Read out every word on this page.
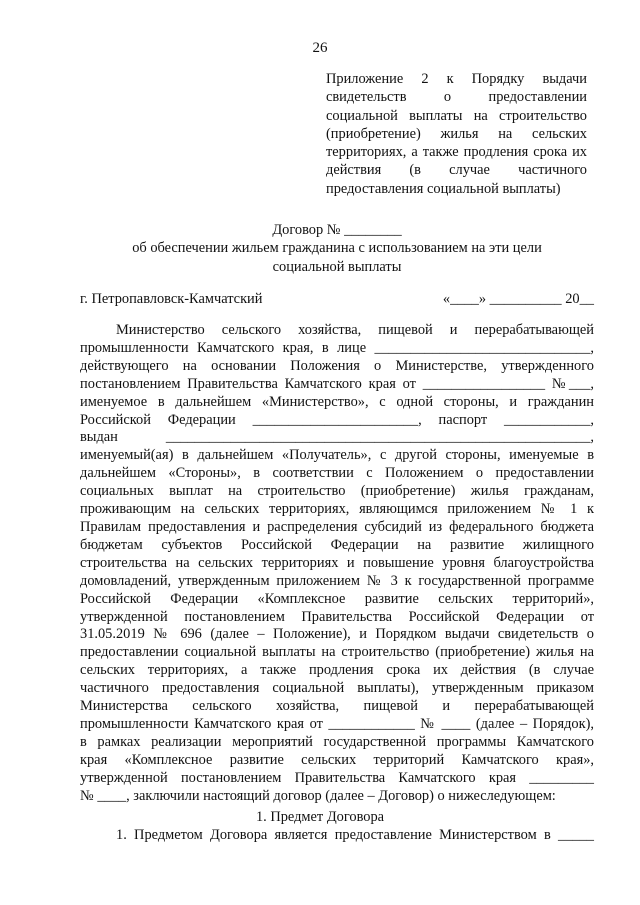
26
Приложение 2 к Порядку выдачи
свидетельств о предоставлении
социальной выплаты на строительство
(приобретение) жилья на сельских
территориях, а также продления срока их
действия (в случае частичного
предоставления социальной выплаты)
Договор № ________
об обеспечении жильем гражданина с использованием на эти цели
социальной выплаты
г. Петропавловск-Камчатский	«____» __________ 20__
Министерство сельского хозяйства, пищевой и перерабатывающей
промышленности Камчатского края, в лице ______________________________,
действующего на основании Положения о Министерстве, утвержденного
постановлением Правительства Камчатского края от _________________ №___,
именуемое в дальнейшем «Министерство», с одной стороны, и гражданин
Российской Федерации _______________________, паспорт ____________,
выдан ___________________________________________________________,
именуемый(ая) в дальнейшем «Получатель», с другой стороны, именуемые в
дальнейшем «Стороны», в соответствии с Положением о предоставлении
социальных выплат на строительство (приобретение) жилья гражданам,
проживающим на сельских территориях, являющимся приложением № 1 к
Правилам предоставления и распределения субсидий из федерального бюджета
бюджетам субъектов Российской Федерации на развитие жилищного
строительства на сельских территориях и повышение уровня благоустройства
домовладений, утвержденным приложением № 3 к государственной программе
Российской Федерации «Комплексное развитие сельских территорий»,
утвержденной постановлением Правительства Российской Федерации от
31.05.2019 № 696 (далее – Положение), и Порядком выдачи свидетельств о
предоставлении социальной выплаты на строительство (приобретение) жилья на
сельских территориях, а также продления срока их действия (в случае
частичного предоставления социальной выплаты), утвержденным приказом
Министерства сельского хозяйства, пищевой и перерабатывающей
промышленности Камчатского края от ____________ № ____ (далее – Порядок),
в рамках реализации мероприятий государственной программы Камчатского
края «Комплексное развитие сельских территорий Камчатского края»,
утвержденной постановлением Правительства Камчатского края _________
№ ____, заключили настоящий договор (далее – Договор) о нижеследующем:
1. Предмет Договора
1. Предметом Договора является предоставление Министерством в _____
